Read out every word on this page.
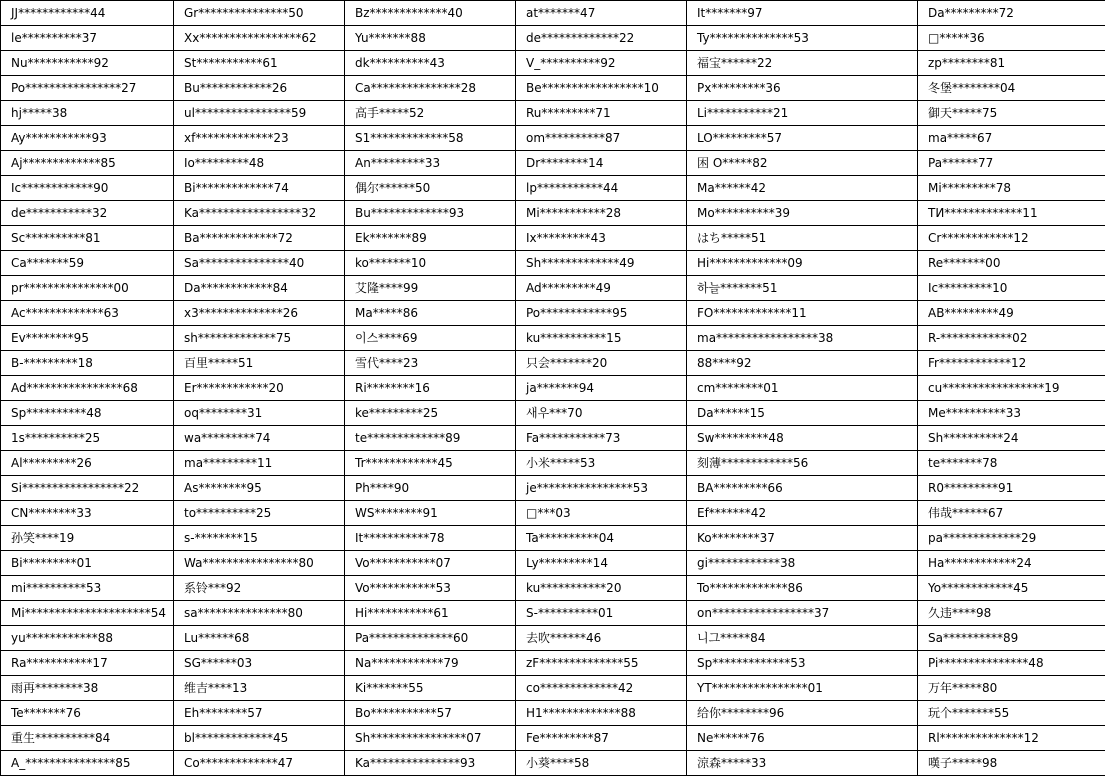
JJ************44	Gr***************50	Bz*************40	at*******47	It*******97	Da*********72
le**********37	Xx*****************62	Yu*******88	de*************22	Ty**************53	□*****36
Nu***********92	St***********61	dk**********43	V_**********92	福宝******22	zp********81
Po****************27	Bu************26	Ca***************28	Be*****************10	Px*********36	冬堡********04
hj*****38	ul****************59	高手*****52	Ru*********71	Li***********21	御天*****75
Ay***********93	xf*************23	S1*************58	om**********87	LO*********57	ma*****67
Aj*************85	Io*********48	An*********33	Dr********14	困 O*****82	Pa******77
Ic************90	Bi*************74	偶尔******50	lp***********44	Ma******42	Mi*********78
de***********32	Ka*****************32	Bu*************93	Mi***********28	Mo**********39	TИ*************11
Sc**********81	Ba*************72	Ek*******89	Ix*********43	はち*****51	Cr************12
Ca*******59	Sa***************40	ko*******10	Sh*************49	Hi*************09	Re*******00
pr***************00	Da************84	艾隆****99	Ad*********49	하늘*******51	Ic*********10
Ac*************63	x3**************26	Ma*****86	Po************95	FO*************11	AB*********49
Ev********95	sh*************75	이스****69	ku***********15	ma*****************38	R-************02
B-*********18	百里*****51	雪代****23	只会*******20	88****92	Fr************12
Ad****************68	Er************20	Ri********16	ja*******94	cm********01	cu*****************19
Sp**********48	oq********31	ke*********25	새우***70	Da******15	Me**********33
1s**********25	wa*********74	te*************89	Fa***********73	Sw*********48	Sh**********24
Al*********26	ma*********11	Tr************45	小米*****53	刻薄************56	te*******78
Si*****************22	As********95	Ph****90	je****************53	BA*********66	R0*********91
CN********33	to**********25	WS********91	□***03	Ef*******42	伟哉******67
孙笑****19	s-********15	It***********78	Ta**********04	Ko********37	pa*************29
Bi*********01	Wa****************80	Vo***********07	Ly*********14	gi************38	Ha************24
mi**********53	系铃***92	Vo***********53	ku***********20	To*************86	Yo************45
Mi*********************54	sa***************80	Hi***********61	S-**********01	on*****************37	久违****98
yu************88	Lu******68	Pa**************60	去吹******46	니그*****84	Sa**********89
Ra***********17	SG******03	Na************79	zF**************55	Sp*************53	Pi***************48
雨再********38	维吉****13	Ki*******55	co*************42	YT****************01	万年*****80
Te*******76	Eh********57	Bo***********57	H1*************88	给你********96	玩个*******55
重生**********84	bl*************45	Sh****************07	Fe*********87	Ne******76	Rl**************12
A_***************85	Co*************47	Ka***************93	小葵****58	涼森*****33	嘆子*****98
